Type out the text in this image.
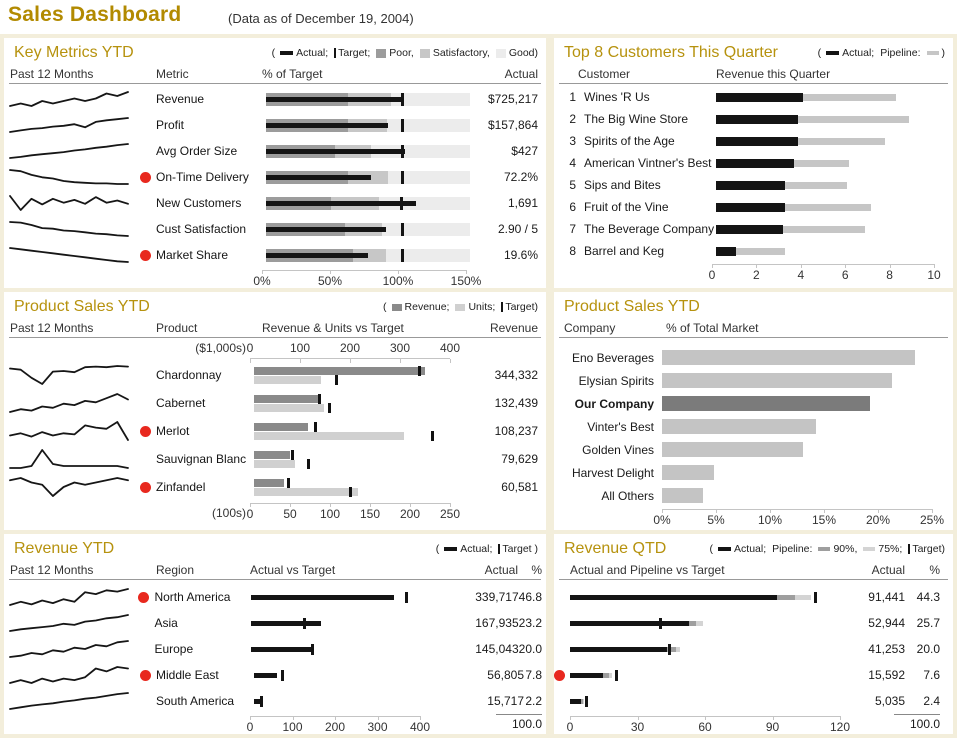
Sales Dashboard	(Data as of December 19, 2004)
Key Metrics YTD	( Actual; Target; Poor, Satisfactory, Good)
Past 12 Months	Metric	% of Target	Actual
Revenue	$725,217
Profit	$157,864
Avg Order Size	$427
On-Time Delivery	72.2%
New Customers	1,691
Cust Satisfaction	2.90 / 5
Market Share	19.6%
0%	50%	100%	150%
Top 8 Customers This Quarter	( Actual; Pipeline: )
Customer	Revenue this Quarter
1 Wines 'R Us
2 The Big Wine Store
3 Spirits of the Age
4 American Vintner's Best
5 Sips and Bites
6 Fruit of the Vine
7 The Beverage Company
8 Barrel and Keg
0	2	4	6	8	10
Product Sales YTD	( Revenue; Units; Target)
Past 12 Months	Product	Revenue & Units vs Target	Revenue
($1,000s) 0	100 200 300 400
Chardonnay	344,332
Cabernet	132,439
Merlot	108,237
Sauvignan Blanc	79,629
Zinfandel	60,581
(100s) 0 50 100 150 200 250
Product Sales YTD
Company	% of Total Market
Eno Beverages
Elysian Spirits
Our Company
Vinter's Best
Golden Vines
Harvest Delight
All Others
0%	5%	10% 15% 20% 25%
Revenue YTD	( Actual; Target )
Past 12 Months	Region	Actual vs Target	Actual %
North America	339,717 46.8
Asia	167,935 23.2
Europe	145,043 20.0
Middle East	56,805 7.8
South America	15,717 2.2
0 100 200 300 400	100.0
Revenue QTD	( Actual; Pipeline: 90%, 75%; Target)
Actual and Pipeline vs Target	Actual %
91,441 44.3
52,944 25.7
41,253 20.0
15,592	7.6
5,035	2.4
0	30	60	90	120	100.0
